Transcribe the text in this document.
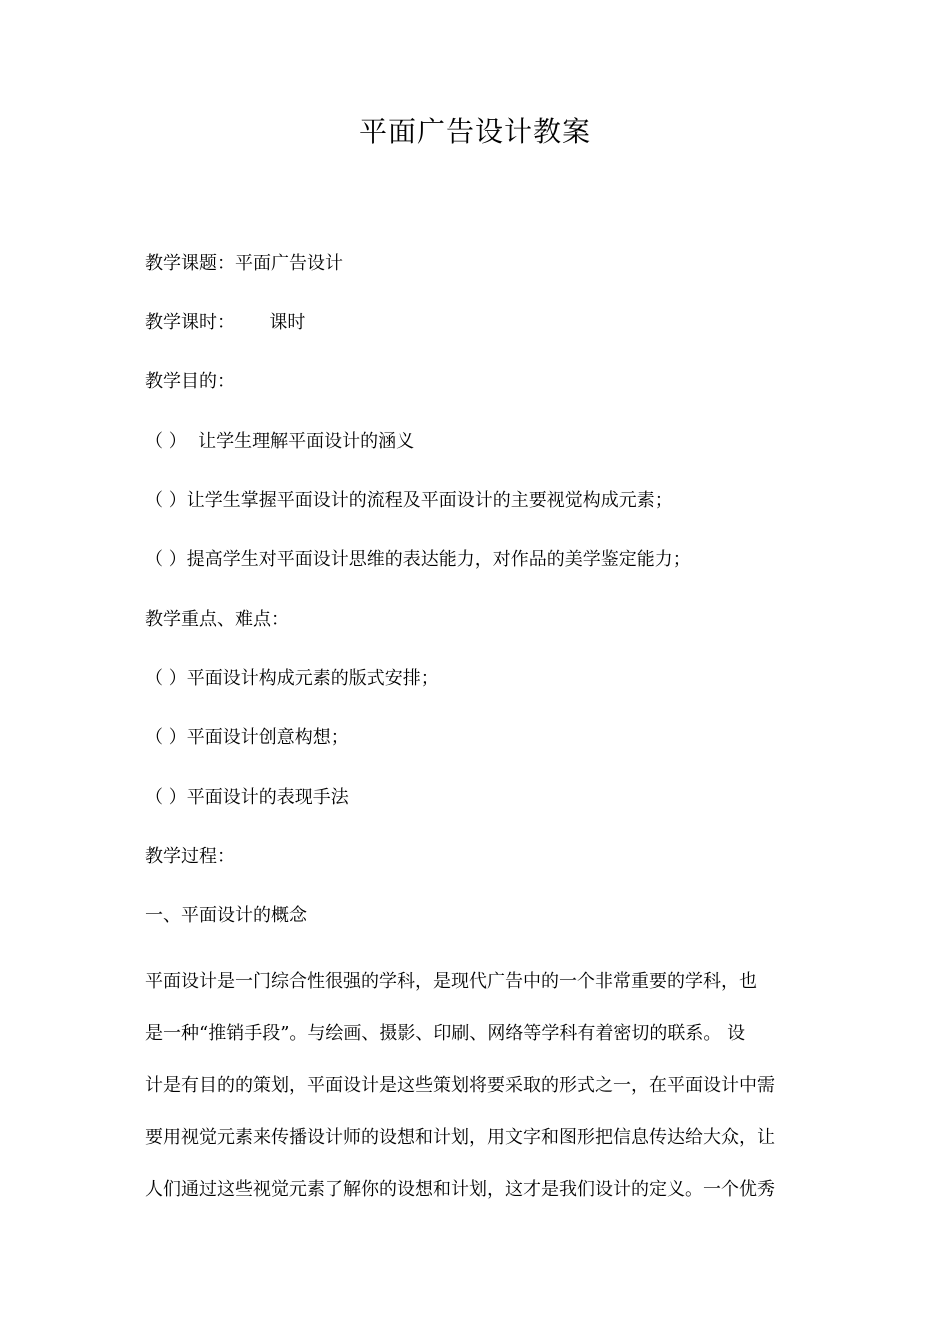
平面广告设计教案
教学课题：平面广告设计
教学课时：      课时
教学目的：
（ ）  让学生理解平面设计的涵义
（ ）让学生掌握平面设计的流程及平面设计的主要视觉构成元素；
（ ）提高学生对平面设计思维的表达能力，对作品的美学鉴定能力；
教学重点、难点：
（ ）平面设计构成元素的版式安排；
（ ）平面设计创意构想；
（ ）平面设计的表现手法
教学过程：
一、平面设计的概念
平面设计是一门综合性很强的学科，是现代广告中的一个非常重要的学科，也
是一种“推销手段”。与绘画、摄影、印刷、网络等学科有着密切的联系。 设
计是有目的的策划，平面设计是这些策划将要采取的形式之一，在平面设计中需
要用视觉元素来传播设计师的设想和计划，用文字和图形把信息传达给大众，让
人们通过这些视觉元素了解你的设想和计划，这才是我们设计的定义。一个优秀
